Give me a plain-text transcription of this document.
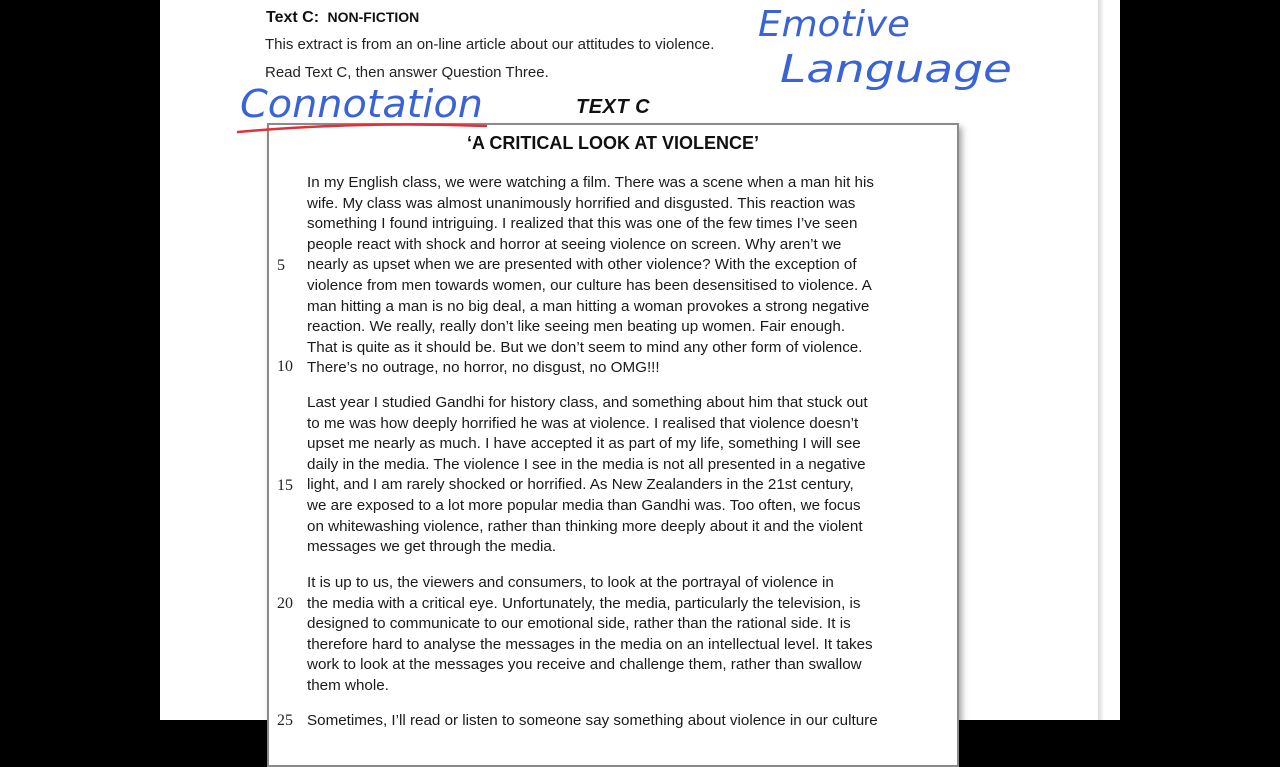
Text C: NON-FICTION

This extract is from an on-line article about our attitudes to violence.

Read Text C, then answer Question Three.

TEXT C

‘A CRITICAL LOOK AT VIOLENCE’

In my English class, we were watching a film. There was a scene when a man hit his
wife. My class was almost unanimously horrified and disgusted. This reaction was
something I found intriguing. I realized that this was one of the few times I’ve seen
people react with shock and horror at seeing violence on screen. Why aren’t we
nearly as upset when we are presented with other violence? With the exception of
violence from men towards women, our culture has been desensitised to violence. A
man hitting a man is no big deal, a man hitting a woman provokes a strong negative
reaction. We really, really don’t like seeing men beating up women. Fair enough.
That is quite as it should be. But we don’t seem to mind any other form of violence.
There’s no outrage, no horror, no disgust, no OMG!!!

Last year I studied Gandhi for history class, and something about him that stuck out
to me was how deeply horrified he was at violence. I realised that violence doesn’t
upset me nearly as much. I have accepted it as part of my life, something I will see
daily in the media. The violence I see in the media is not all presented in a negative
light, and I am rarely shocked or horrified. As New Zealanders in the 21st century,
we are exposed to a lot more popular media than Gandhi was. Too often, we focus
on whitewashing violence, rather than thinking more deeply about it and the violent
messages we get through the media.

It is up to us, the viewers and consumers, to look at the portrayal of violence in
the media with a critical eye. Unfortunately, the media, particularly the television, is
designed to communicate to our emotional side, rather than the rational side. It is
therefore hard to analyse the messages in the media on an intellectual level. It takes
work to look at the messages you receive and challenge them, rather than swallow
them whole.

Sometimes, I’ll read or listen to someone say something about violence in our culture

5
10
15
20
25
Connotation
Emotive
Language
